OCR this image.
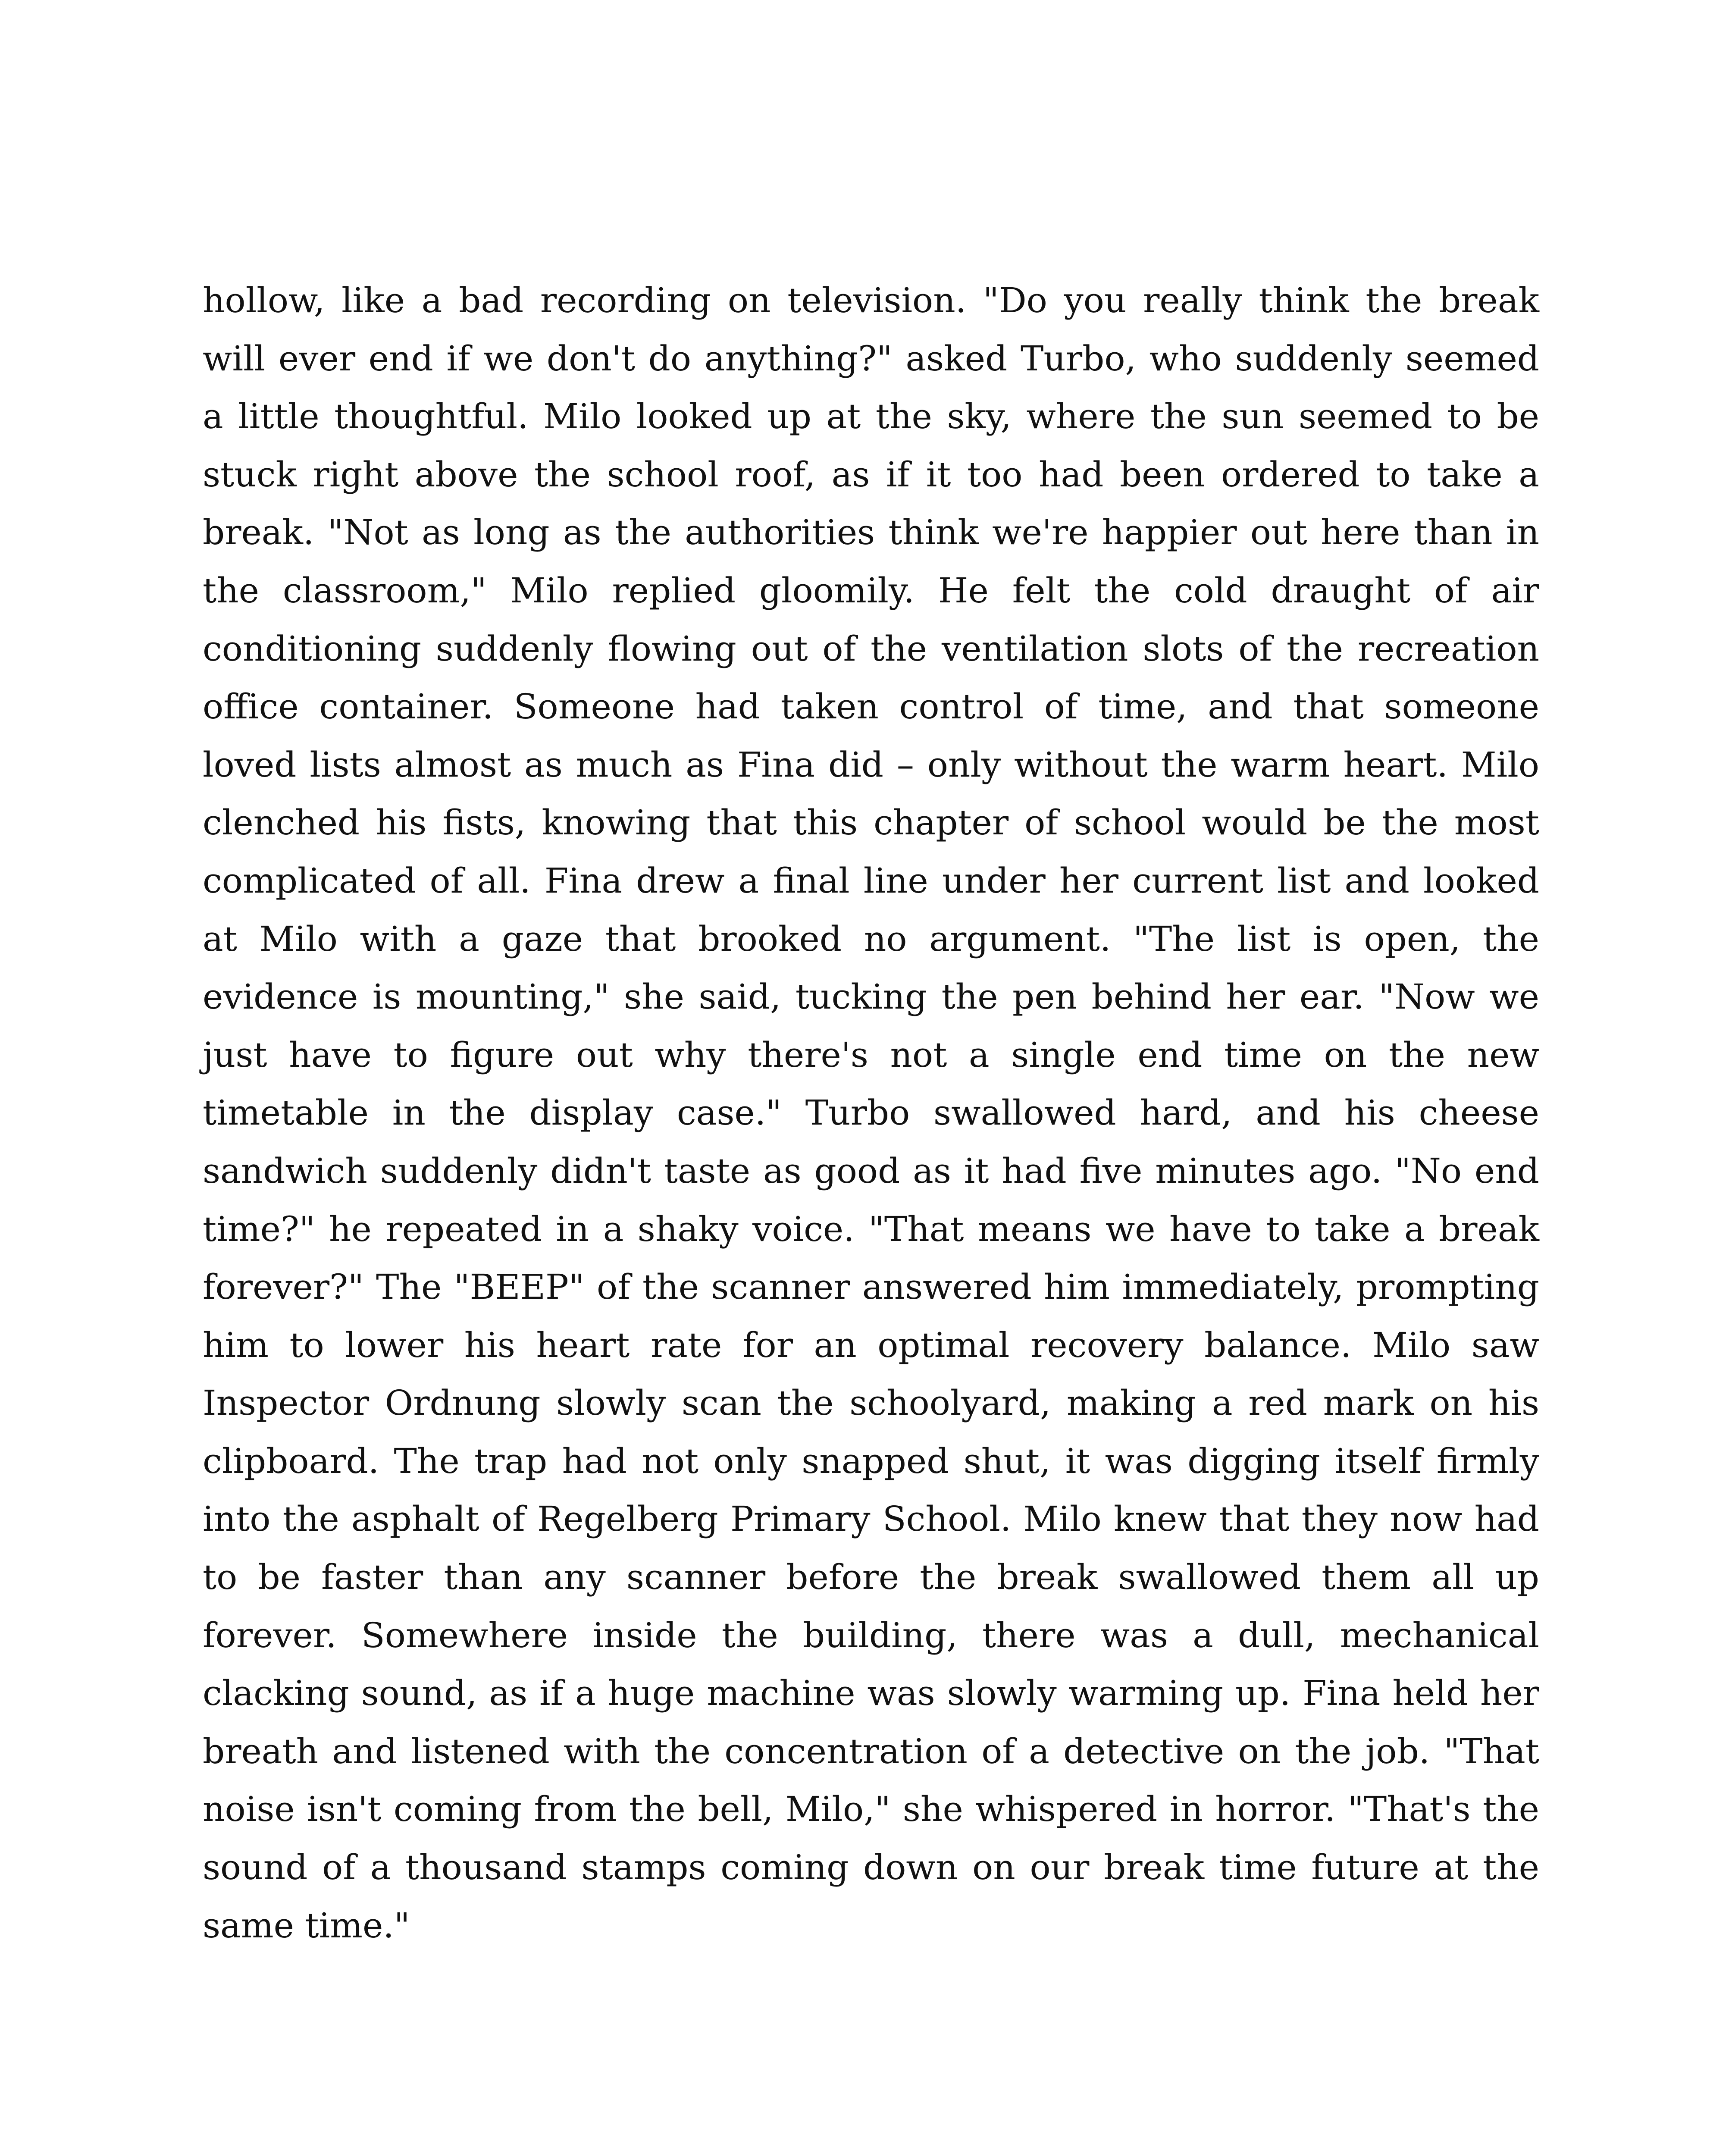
hollow, like a bad recording on television. "Do you really think the break will ever end if we don't do anything?" asked Turbo, who suddenly seemed a little thoughtful. Milo looked up at the sky, where the sun seemed to be stuck right above the school roof, as if it too had been ordered to take a break. "Not as long as the authorities think we're happier out here than in the classroom," Milo replied gloomily. He felt the cold draught of air conditioning suddenly flowing out of the ventilation slots of the recreation office container. Someone had taken control of time, and that someone loved lists almost as much as Fina did – only without the warm heart. Milo clenched his fists, knowing that this chapter of school would be the most complicated of all. Fina drew a final line under her current list and looked at Milo with a gaze that brooked no argument. "The list is open, the evidence is mounting," she said, tucking the pen behind her ear. "Now we just have to figure out why there's not a single end time on the new timetable in the display case." Turbo swallowed hard, and his cheese sandwich suddenly didn't taste as good as it had five minutes ago. "No end time?" he repeated in a shaky voice. "That means we have to take a break forever?" The "BEEP" of the scanner answered him immediately, prompting him to lower his heart rate for an optimal recovery balance. Milo saw Inspector Ordnung slowly scan the schoolyard, making a red mark on his clipboard. The trap had not only snapped shut, it was digging itself firmly into the asphalt of Regelberg Primary School. Milo knew that they now had to be faster than any scanner before the break swallowed them all up forever. Somewhere inside the building, there was a dull, mechanical clacking sound, as if a huge machine was slowly warming up. Fina held her breath and listened with the concentration of a detective on the job. "That noise isn't coming from the bell, Milo," she whispered in horror. "That's the sound of a thousand stamps coming down on our break time future at the same time."
